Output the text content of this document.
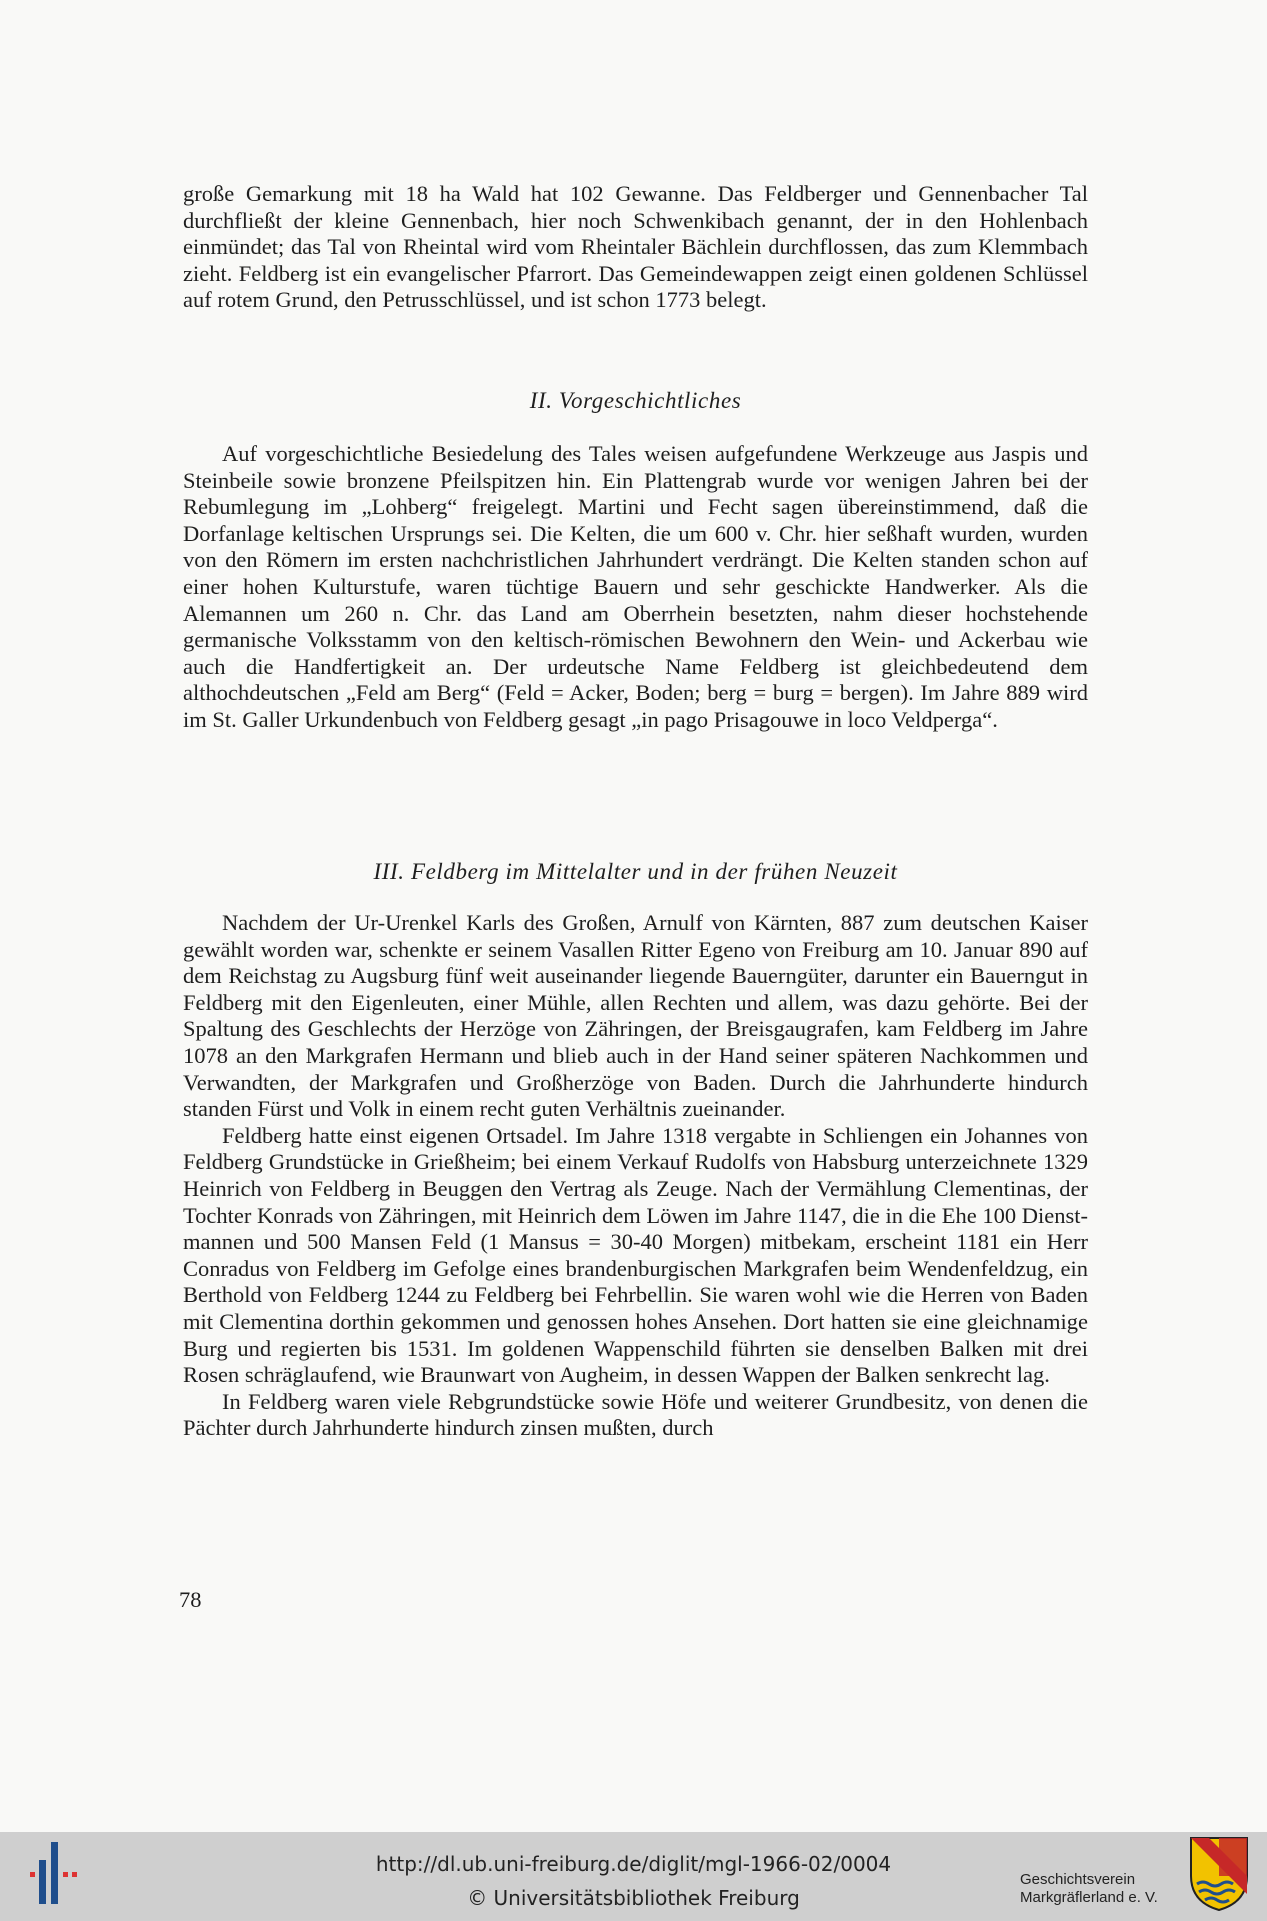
große Gemarkung mit 18 ha Wald hat 102 Gewanne. Das Feldberger und Gennenbacher Tal durchfließt der kleine Gennenbach, hier noch Schwenkibach genannt, der in den Hohlenbach einmündet; das Tal von Rheintal wird vom Rheintaler Bächlein durchflossen, das zum Klemmbach zieht. Feldberg ist ein evangelischer Pfarrort. Das Gemeindewappen zeigt einen goldenen Schlüssel auf rotem Grund, den Petrusschlüssel, und ist schon 1773 belegt.

II. Vorgeschichtliches

Auf vorgeschichtliche Besiedelung des Tales weisen aufgefundene Werkzeuge aus Jaspis und Steinbeile sowie bronzene Pfeilspitzen hin. Ein Plattengrab wurde vor wenigen Jahren bei der Rebumlegung im „Lohberg“ freigelegt. Martini und Fecht sagen übereinstimmend, daß die Dorfanlage keltischen Ursprungs sei. Die Kelten, die um 600 v. Chr. hier seßhaft wurden, wurden von den Römern im ersten nachchristlichen Jahrhundert verdrängt. Die Kelten standen schon auf einer hohen Kulturstufe, waren tüchtige Bauern und sehr geschickte Handwerker. Als die Alemannen um 260 n. Chr. das Land am Oberrhein besetzten, nahm dieser hochstehende germanische Volksstamm von den keltisch-römischen Bewohnern den Wein- und Ackerbau wie auch die Handfertigkeit an. Der urdeutsche Name Feldberg ist gleichbedeutend dem althochdeutschen „Feld am Berg“ (Feld = Acker, Boden; berg = burg = bergen). Im Jahre 889 wird im St. Galler Urkundenbuch von Feldberg gesagt „in pago Prisagouwe in loco Veldperga“.

III. Feldberg im Mittelalter und in der frühen Neuzeit

Nachdem der Ur-Urenkel Karls des Großen, Arnulf von Kärnten, 887 zum deutschen Kaiser gewählt worden war, schenkte er seinem Vasallen Ritter Egeno von Freiburg am 10. Januar 890 auf dem Reichstag zu Augsburg fünf weit auseinander liegende Bauerngüter, darunter ein Bauerngut in Feldberg mit den Eigenleuten, einer Mühle, allen Rechten und allem, was dazu gehörte. Bei der Spaltung des Geschlechts der Herzöge von Zähringen, der Breisgaugrafen, kam Feldberg im Jahre 1078 an den Markgrafen Hermann und blieb auch in der Hand seiner späteren Nachkommen und Verwandten, der Markgrafen und Großherzöge von Baden. Durch die Jahrhunderte hindurch standen Fürst und Volk in einem recht guten Verhältnis zueinander.

Feldberg hatte einst eigenen Ortsadel. Im Jahre 1318 vergabte in Schliengen ein Johannes von Feldberg Grundstücke in Grießheim; bei einem Verkauf Rudolfs von Habsburg unterzeichnete 1329 Heinrich von Feldberg in Beuggen den Vertrag als Zeuge. Nach der Vermählung Clementinas, der Tochter Konrads von Zähringen, mit Heinrich dem Löwen im Jahre 1147, die in die Ehe 100 Dienstmannen und 500 Mansen Feld (1 Mansus = 30-40 Morgen) mitbekam, erscheint 1181 ein Herr Conradus von Feldberg im Gefolge eines brandenburgischen Markgrafen beim Wendenfeldzug, ein Berthold von Feldberg 1244 zu Feldberg bei Fehrbellin. Sie waren wohl wie die Herren von Baden mit Clementina dorthin gekommen und genossen hohes Ansehen. Dort hatten sie eine gleichnamige Burg und regierten bis 1531. Im goldenen Wappenschild führten sie denselben Balken mit drei Rosen schräglaufend, wie Braunwart von Augheim, in dessen Wappen der Balken senkrecht lag.

In Feldberg waren viele Rebgrundstücke sowie Höfe und weiterer Grundbesitz, von denen die Pächter durch Jahrhunderte hindurch zinsen mußten, durch

78
http://dl.ub.uni-freiburg.de/diglit/mgl-1966-02/0004
© Universitätsbibliothek Freiburg
Geschichtsverein
Markgräflerland e. V.
